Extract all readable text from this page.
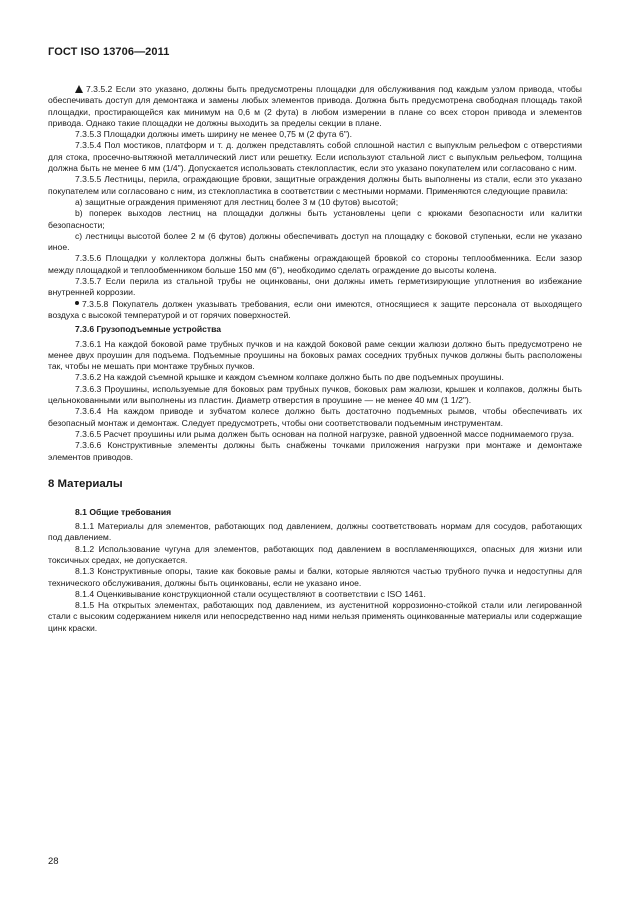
ГОСТ ISO 13706—2011

7.3.5.2 Если это указано, должны быть предусмотрены площадки для обслуживания под каждым узлом привода, чтобы обеспечивать доступ для демонтажа и замены любых элементов привода. Должна быть предусмотрена свободная площадь такой площадки, простирающейся как минимум на 0,6 м (2 фута) в любом измерении в плане со всех сторон привода и элементов привода. Однако такие площадки не должны выходить за пределы секции в плане.

7.3.5.3 Площадки должны иметь ширину не менее 0,75 м (2 фута 6").

7.3.5.4 Пол мостиков, платформ и т. д. должен представлять собой сплошной настил с выпуклым рельефом с отверстиями для стока, просечно-вытяжной металлический лист или решетку. Если используют стальной лист с выпуклым рельефом, толщина должна быть не менее 6 мм (1/4"). Допускается использовать стеклопластик, если это указано покупателем или согласовано с ним.

7.3.5.5 Лестницы, перила, ограждающие бровки, защитные ограждения должны быть выполнены из стали, если это указано покупателем или согласовано с ним, из стеклопластика в соответствии с местными нормами. Применяются следующие правила:

a) защитные ограждения применяют для лестниц более 3 м (10 футов) высотой;

b) поперек выходов лестниц на площадки должны быть установлены цепи с крюками безопасности или калитки безопасности;

c) лестницы высотой более 2 м (6 футов) должны обеспечивать доступ на площадку с боковой ступеньки, если не указано иное.

7.3.5.6 Площадки у коллектора должны быть снабжены ограждающей бровкой со стороны теплообменника. Если зазор между площадкой и теплообменником больше 150 мм (6"), необходимо сделать ограждение до высоты колена.

7.3.5.7 Если перила из стальной трубы не оцинкованы, они должны иметь герметизирующие уплотнения во избежание внутренней коррозии.

7.3.5.8 Покупатель должен указывать требования, если они имеются, относящиеся к защите персонала от выходящего воздуха с высокой температурой и от горячих поверхностей.

7.3.6 Грузоподъемные устройства

7.3.6.1 На каждой боковой раме трубных пучков и на каждой боковой раме секции жалюзи должно быть предусмотрено не менее двух проушин для подъема. Подъемные проушины на боковых рамах соседних трубных пучков должны быть расположены так, чтобы не мешать при монтаже трубных пучков.

7.3.6.2 На каждой съемной крышке и каждом съемном колпаке должно быть по две подъемных проушины.

7.3.6.3 Проушины, используемые для боковых рам трубных пучков, боковых рам жалюзи, крышек и колпаков, должны быть цельнокованными или выполнены из пластин. Диаметр отверстия в проушине — не менее 40 мм (1 1/2").

7.3.6.4 На каждом приводе и зубчатом колесе должно быть достаточно подъемных рымов, чтобы обеспечивать их безопасный монтаж и демонтаж. Следует предусмотреть, чтобы они соответствовали подъемным инструментам.

7.3.6.5 Расчет проушины или рыма должен быть основан на полной нагрузке, равной удвоенной массе поднимаемого груза.

7.3.6.6 Конструктивные элементы должны быть снабжены точками приложения нагрузки при монтаже и демонтаже элементов приводов.

8 Материалы
8.1 Общие требования

8.1.1 Материалы для элементов, работающих под давлением, должны соответствовать нормам для сосудов, работающих под давлением.

8.1.2 Использование чугуна для элементов, работающих под давлением в воспламеняющихся, опасных для жизни или токсичных средах, не допускается.

8.1.3 Конструктивные опоры, такие как боковые рамы и балки, которые являются частью трубного пучка и недоступны для технического обслуживания, должны быть оцинкованы, если не указано иное.

8.1.4 Оценкивывание конструкционной стали осуществляют в соответствии с ISO 1461.

8.1.5 На открытых элементах, работающих под давлением, из аустенитной коррозионно-стойкой стали или легированной стали с высоким содержанием никеля или непосредственно над ними нельзя применять оцинкованные материалы или содержащие цинк краски.

28
